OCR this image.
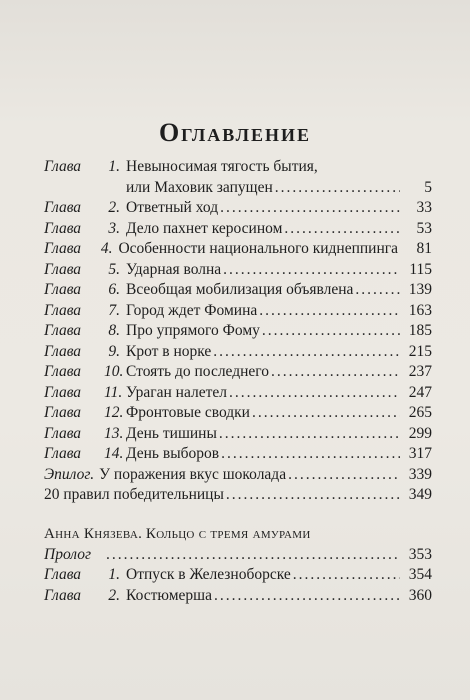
Оглавление
Глава	1. Невыносимая тягость бытия,
или Маховик запущен .....	5
Глава	2. Ответный ход .....	33
Глава	3. Дело пахнет керосином .....	53
Глава	4. Особенности национального киднеппинга	81
Глава	5. Ударная волна .....	115
Глава	6. Всеобщая мобилизация объявлена .....	139
Глава	7. Город ждет Фомина .....	163
Глава	8. Про упрямого Фому .....	185
Глава	9. Крот в норке .....	215
Глава	10. Стоять до последнего .....	237
Глава	11. Ураган налетел .....	247
Глава	12. Фронтовые сводки .....	265
Глава	13. День тишины .....	299
Глава	14. День выборов .....	317
Эпилог. У поражения вкус шоколада .....	339
20 правил победительницы .....	349
Анна Князева. Кольцо с тремя амурами
Пролог .....	353
Глава	1. Отпуск в Железноборске .....	354
Глава	2. Костюмерша .....	360
